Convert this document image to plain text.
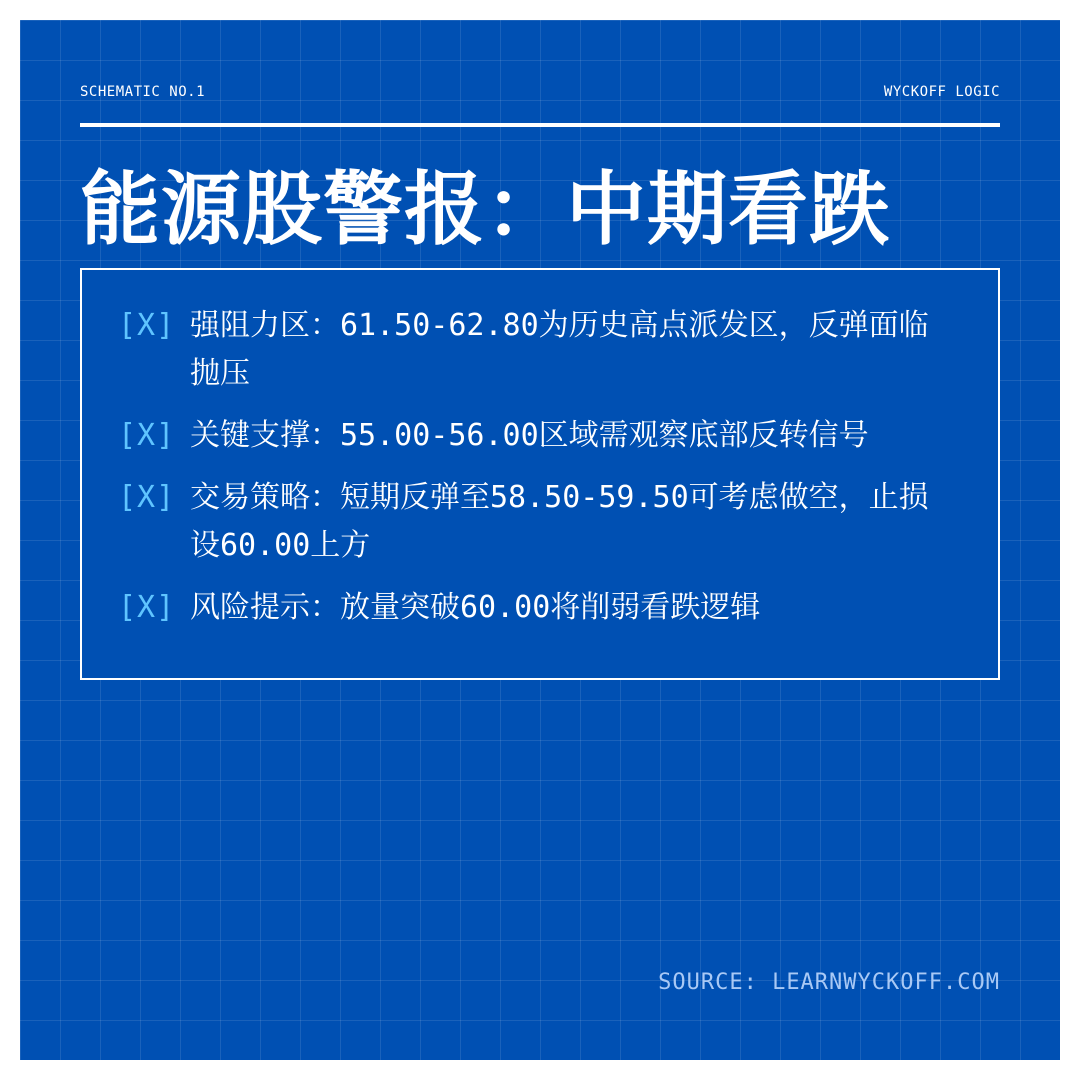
SCHEMATIC NO.1	WYCKOFF LOGIC
能源股警报：中期看跌
[X] 强阻力区：61.50-62.80为历史高点派发区，反弹面临抛压
[X] 关键支撑：55.00-56.00区域需观察底部反转信号
[X] 交易策略：短期反弹至58.50-59.50可考虑做空，止损设60.00上方
[X] 风险提示：放量突破60.00将削弱看跌逻辑
SOURCE: LEARNWYCKOFF.COM
